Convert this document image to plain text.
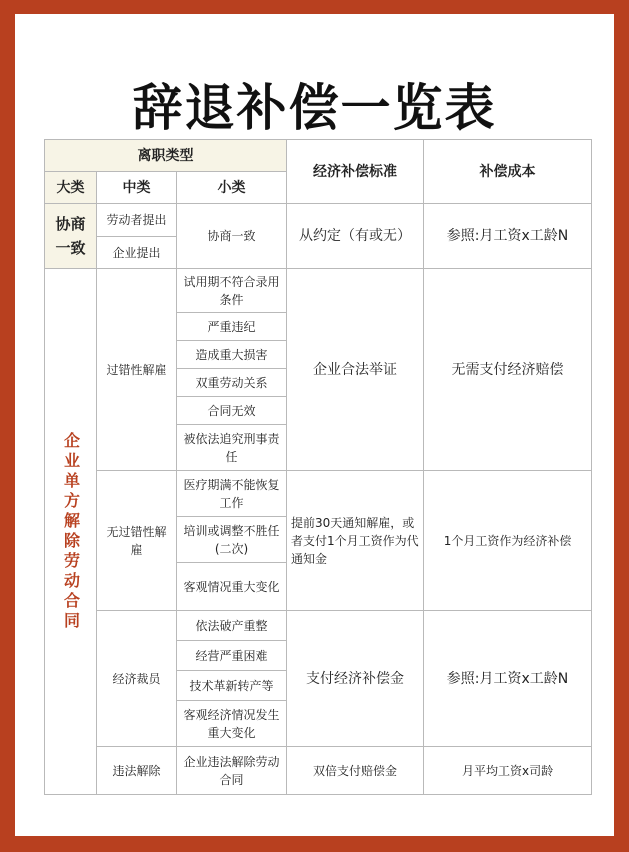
辞退补偿一览表
离职类型			经济补偿标准	补偿成本
大类	中类	小类		
协商一致	劳动者提出	协商一致	从约定（有或无）	参照:月工资x工龄N
	企业提出			

企业单方解除劳动合同	过错性解雇	试用期不符合录用条件	企业合法举证	无需支付经济赔偿
		严重违纪		
		造成重大损害		
		双重劳动关系		
		合同无效		
		被依法追究刑事责任		
	无过错性解雇	医疗期满不能恢复工作	提前30天通知解雇，或者支付1个月工资作为代通知金	1个月工资作为经济补偿
		培训或调整不胜任(二次)		
		客观情况重大变化		
	经济裁员	依法破产重整	支付经济补偿金	参照:月工资x工龄N
		经营严重困难		
		技术革新转产等		
		客观经济情况发生重大变化		
	违法解除	企业违法解除劳动合同	双倍支付赔偿金	月平均工资x司龄
